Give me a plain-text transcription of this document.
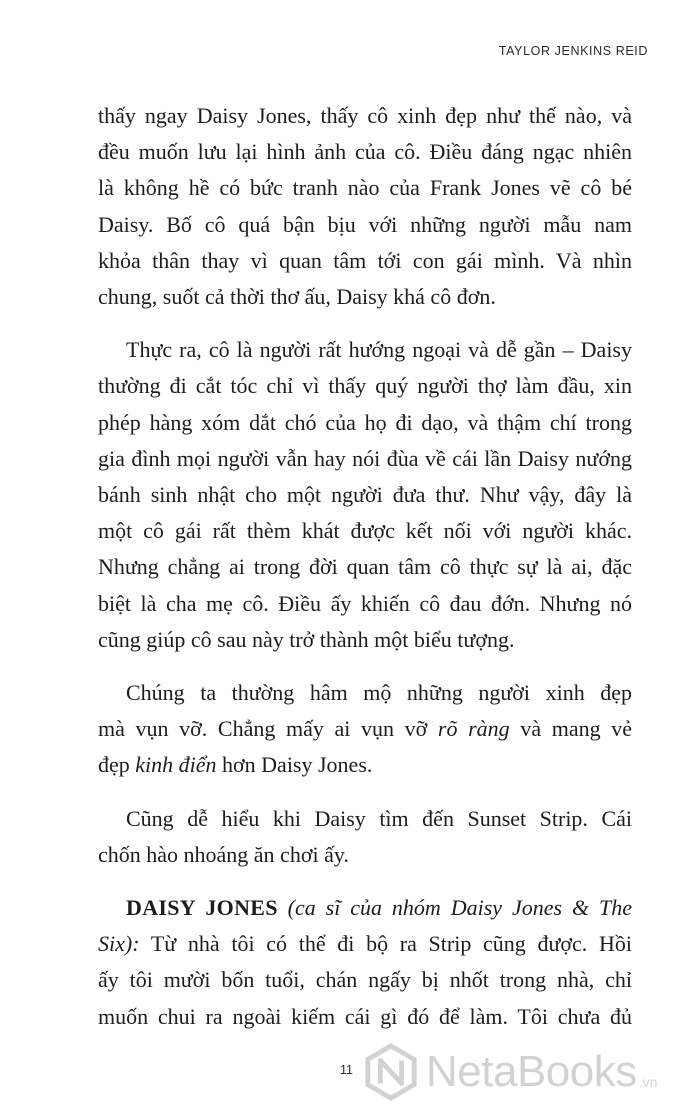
TAYLOR JENKINS REID

thấy ngay Daisy Jones, thấy cô xinh đẹp như thế nào, và
đều muốn lưu lại hình ảnh của cô. Điều đáng ngạc nhiên
là không hề có bức tranh nào của Frank Jones vẽ cô bé
Daisy. Bố cô quá bận bịu với những người mẫu nam
khỏa thân thay vì quan tâm tới con gái mình. Và nhìn
chung, suốt cả thời thơ ấu, Daisy khá cô đơn.

Thực ra, cô là người rất hướng ngoại và dễ gần – Daisy
thường đi cắt tóc chỉ vì thấy quý người thợ làm đầu, xin
phép hàng xóm dắt chó của họ đi dạo, và thậm chí trong
gia đình mọi người vẫn hay nói đùa về cái lần Daisy nướng
bánh sinh nhật cho một người đưa thư. Như vậy, đây là
một cô gái rất thèm khát được kết nối với người khác.
Nhưng chẳng ai trong đời quan tâm cô thực sự là ai, đặc
biệt là cha mẹ cô. Điều ấy khiến cô đau đớn. Nhưng nó
cũng giúp cô sau này trở thành một biểu tượng.

Chúng ta thường hâm mộ những người xinh đẹp
mà vụn vỡ. Chẳng mấy ai vụn vỡ rõ ràng và mang vẻ
đẹp kinh điển hơn Daisy Jones.

Cũng dễ hiểu khi Daisy tìm đến Sunset Strip. Cái
chốn hào nhoáng ăn chơi ấy.

DAISY JONES (ca sĩ của nhóm Daisy Jones & The
Six): Từ nhà tôi có thể đi bộ ra Strip cũng được. Hồi
ấy tôi mười bốn tuổi, chán ngấy bị nhốt trong nhà, chỉ
muốn chui ra ngoài kiếm cái gì đó để làm. Tôi chưa đủ

11 NetaBooks .vn
